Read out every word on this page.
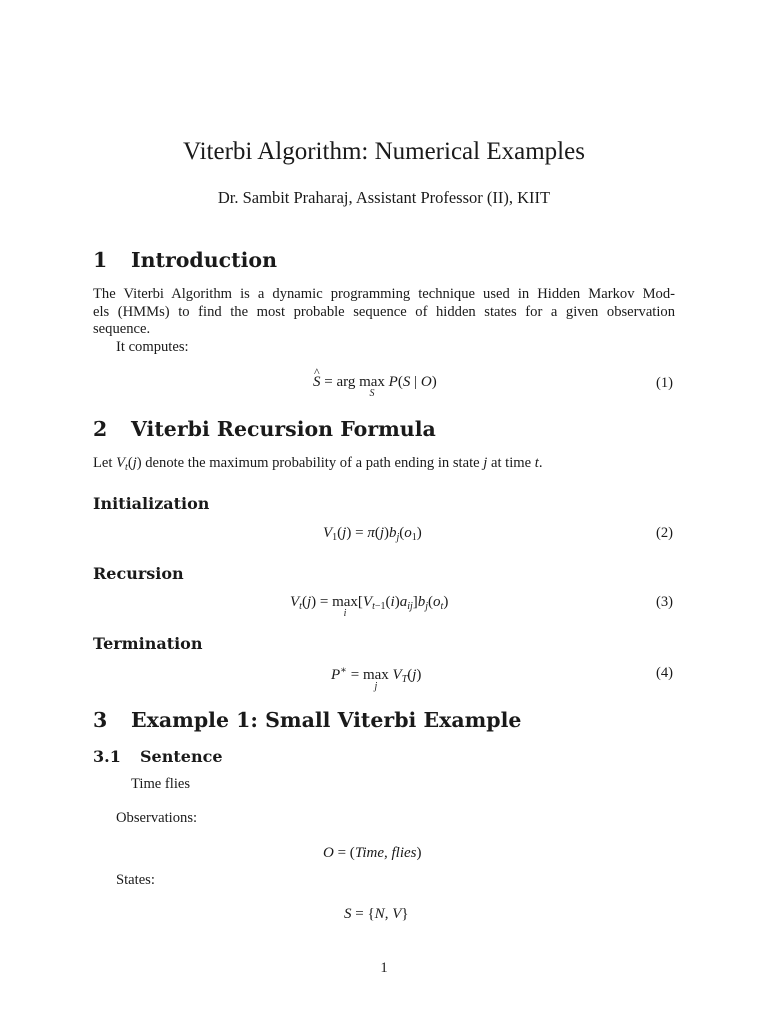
Viterbi Algorithm: Numerical Examples
Dr. Sambit Praharaj, Assistant Professor (II), KIIT
1 Introduction
The Viterbi Algorithm is a dynamic programming technique used in Hidden Markov Mod-
els (HMMs) to find the most probable sequence of hidden states for a given observation
sequence.
It computes:
^ S = arg max
S
P(S | O)	(1)
2 Viterbi Recursion Formula
Let $V_t(j)$ denote the maximum probability of a path ending in state j at time t.
Initialization
$V_1(j) = \pi(j)b_j(o_1)$	(2)
Recursion
$V_t(j) = \max$
i
$[V_{t-1}(i)a_{ij}]b_j(o_t)$	(3)
Termination
P∗ = max
j
$V_T(j)$	(4)
3 Example 1: Small Viterbi Example
3.1 Sentence
Time flies
Observations:
O = (Time, flies)
States:
S = {N, V}
1
